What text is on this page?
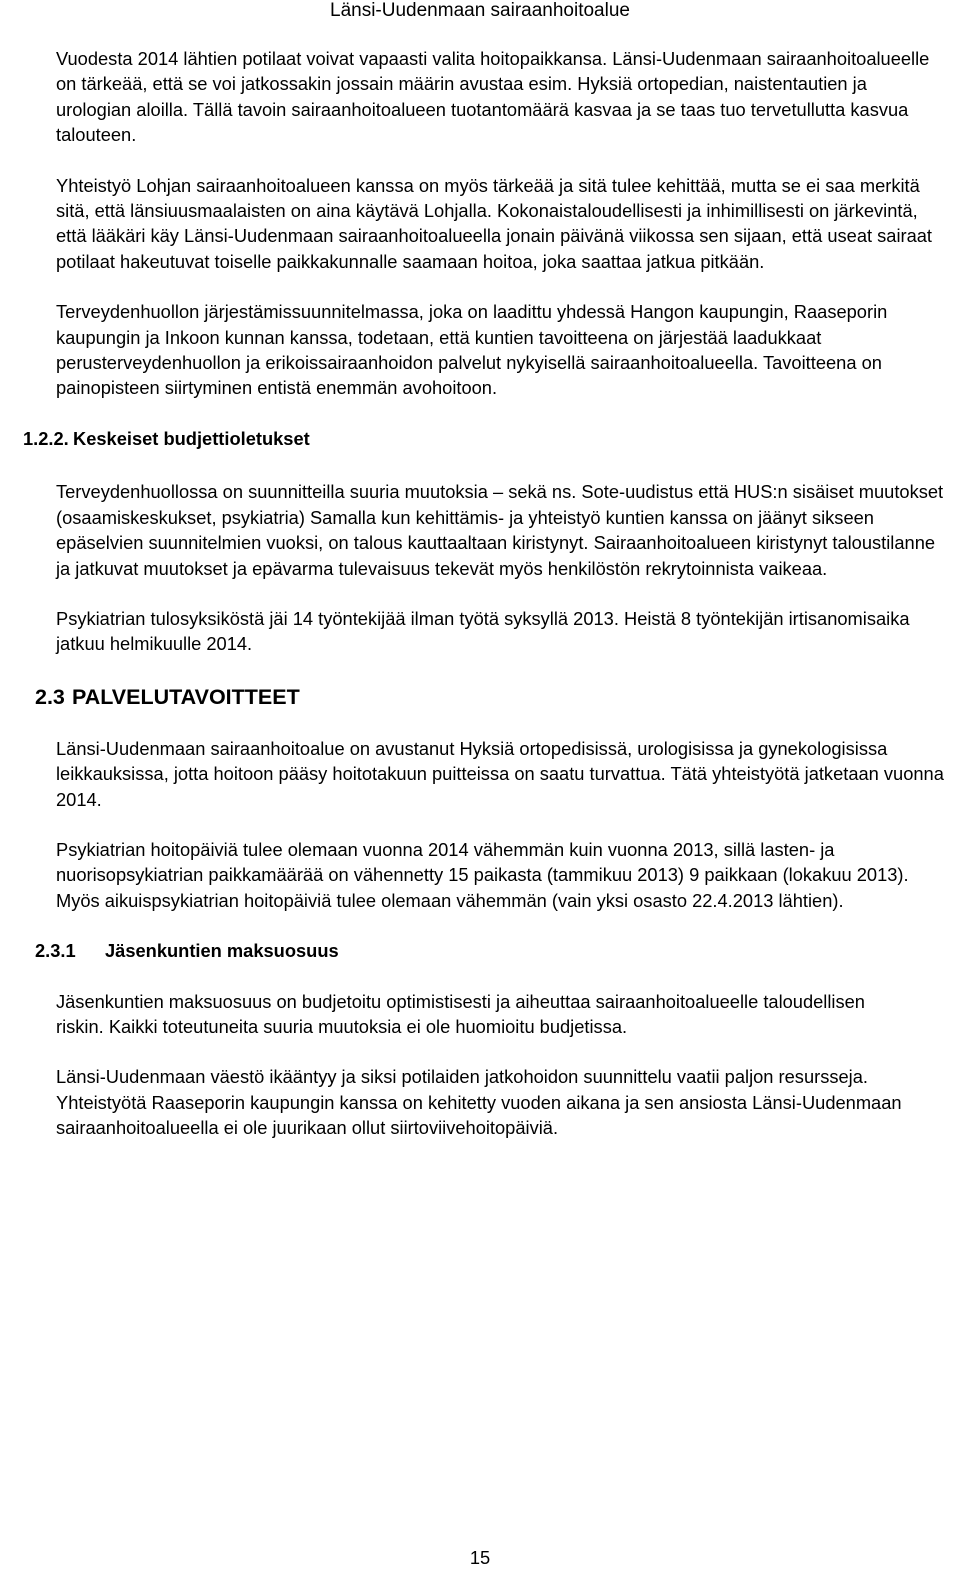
Länsi-Uudenmaan sairaanhoitoalue

Vuodesta 2014 lähtien potilaat voivat vapaasti valita hoitopaikkansa. Länsi-Uudenmaan sairaanhoitoalueelle on tärkeää, että se voi jatkossakin jossain määrin avustaa esim. Hyksiä ortopedian, naistentautien ja urologian aloilla. Tällä tavoin sairaanhoitoalueen tuotantomäärä kasvaa ja se taas tuo tervetullutta kasvua talouteen.

Yhteistyö Lohjan sairaanhoitoalueen kanssa on myös tärkeää ja sitä tulee kehittää, mutta se ei saa merkitä sitä, että länsiuusmaalaisten on aina käytävä Lohjalla. Kokonaistaloudellisesti ja inhimillisesti on järkevintä, että lääkäri käy Länsi-Uudenmaan sairaanhoitoalueella jonain päivänä viikossa sen sijaan, että useat sairaat potilaat hakeutuvat toiselle paikkakunnalle saamaan hoitoa, joka saattaa jatkua pitkään.

Terveydenhuollon järjestämissuunnitelmassa, joka on laadittu yhdessä Hangon kaupungin, Raaseporin kaupungin ja Inkoon kunnan kanssa, todetaan, että kuntien tavoitteena on järjestää laadukkaat perusterveydenhuollon ja erikoissairaanhoidon palvelut nykyisellä sairaanhoitoalueella. Tavoitteena on painopisteen siirtyminen entistä enemmän avohoitoon.

1.2.2. Keskeiset budjettioletukset

Terveydenhuollossa on suunnitteilla suuria muutoksia – sekä ns. Sote-uudistus että HUS:n sisäiset muutokset (osaamiskeskukset, psykiatria) Samalla kun kehittämis- ja yhteistyö kuntien kanssa on jäänyt sikseen epäselvien suunnitelmien vuoksi, on talous kauttaaltaan kiristynyt. Sairaanhoitoalueen kiristynyt taloustilanne ja jatkuvat muutokset ja epävarma tulevaisuus tekevät myös henkilöstön rekrytoinnista vaikeaa.

Psykiatrian tulosyksiköstä jäi 14 työntekijää ilman työtä syksyllä 2013. Heistä 8 työntekijän irtisanomisaika jatkuu helmikuulle 2014.

2.3 PALVELUTAVOITTEET

Länsi-Uudenmaan sairaanhoitoalue on avustanut Hyksiä ortopedisissä, urologisissa ja gynekologisissa leikkauksissa, jotta hoitoon pääsy hoitotakuun puitteissa on saatu turvattua. Tätä yhteistyötä jatketaan vuonna 2014.

Psykiatrian hoitopäiviä tulee olemaan vuonna 2014 vähemmän kuin vuonna 2013, sillä lasten- ja nuorisopsykiatrian paikkamäärää on vähennetty 15 paikasta (tammikuu 2013) 9 paikkaan (lokakuu 2013). Myös aikuispsykiatrian hoitopäiviä tulee olemaan vähemmän (vain yksi osasto 22.4.2013 lähtien).

2.3.1 Jäsenkuntien maksuosuus

Jäsenkuntien maksuosuus on budjetoitu optimistisesti ja aiheuttaa sairaanhoitoalueelle taloudellisen riskin. Kaikki toteutuneita suuria muutoksia ei ole huomioitu budjetissa.

Länsi-Uudenmaan väestö ikääntyy ja siksi potilaiden jatkohoidon suunnittelu vaatii paljon resursseja. Yhteistyötä Raaseporin kaupungin kanssa on kehitetty vuoden aikana ja sen ansiosta Länsi-Uudenmaan sairaanhoitoalueella ei ole juurikaan ollut siirtoviivehoitopäiviä.

15
